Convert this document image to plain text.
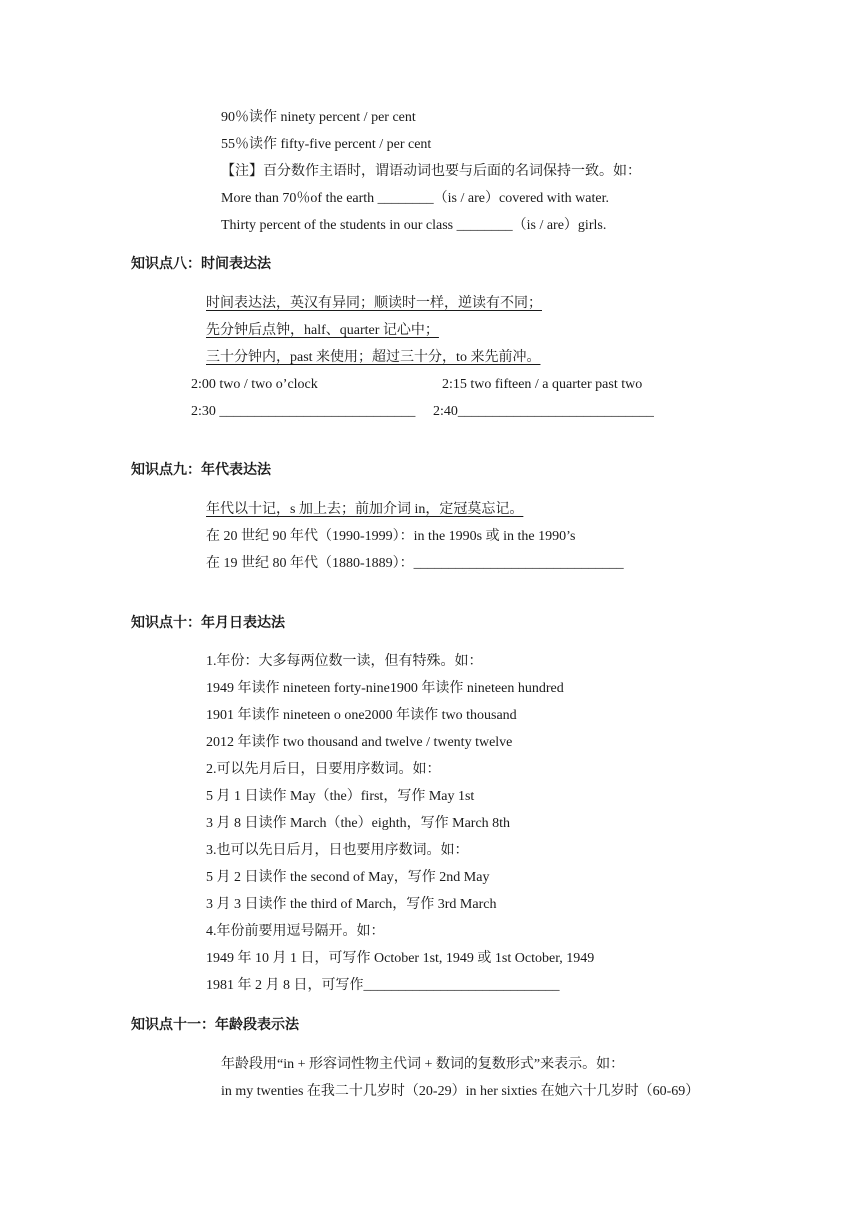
90％读作 ninety percent / per cent
55％读作 fifty-five percent / per cent
【注】百分数作主语时，谓语动词也要与后面的名词保持一致。如：
More than 70％of the earth ________（is / are）covered with water.
Thirty percent of the students in our class ________（is / are）girls.
知识点八：时间表达法
时间表达法，英汉有异同；顺读时一样，逆读有不同；
先分钟后点钟，half、quarter 记心中；
三十分钟内，past 来使用；超过三十分，to 来先前冲。
2:00 two / two o’clock	2:15 two fifteen / a quarter past two
2:30 ____________________________ 2:40____________________________
知识点九：年代表达法
年代以十记，s 加上去；前加介词 in，定冠莫忘记。
在 20 世纪 90 年代（1990-1999）：in the 1990s 或 in the 1990’s
在 19 世纪 80 年代（1880-1889）：______________________________
知识点十：年月日表达法
1.年份：大多每两位数一读，但有特殊。如：
1949 年读作 nineteen forty-nine1900 年读作 nineteen hundred
1901 年读作 nineteen o one2000 年读作 two thousand
2012 年读作 two thousand and twelve / twenty twelve
2.可以先月后日，日要用序数词。如：
5 月 1 日读作 May（the）first，写作 May 1st
3 月 8 日读作 March（the）eighth，写作 March 8th
3.也可以先日后月，日也要用序数词。如：
5 月 2 日读作 the second of May，写作 2nd May
3 月 3 日读作 the third of March，写作 3rd March
4.年份前要用逗号隔开。如：
1949 年 10 月 1 日，可写作 October 1st, 1949 或 1st October, 1949
1981 年 2 月 8 日，可写作____________________________
知识点十一：年龄段表示法
年龄段用“in + 形容词性物主代词 + 数词的复数形式”来表示。如：
in my twenties 在我二十几岁时（20-29）in her sixties 在她六十几岁时（60-69）
